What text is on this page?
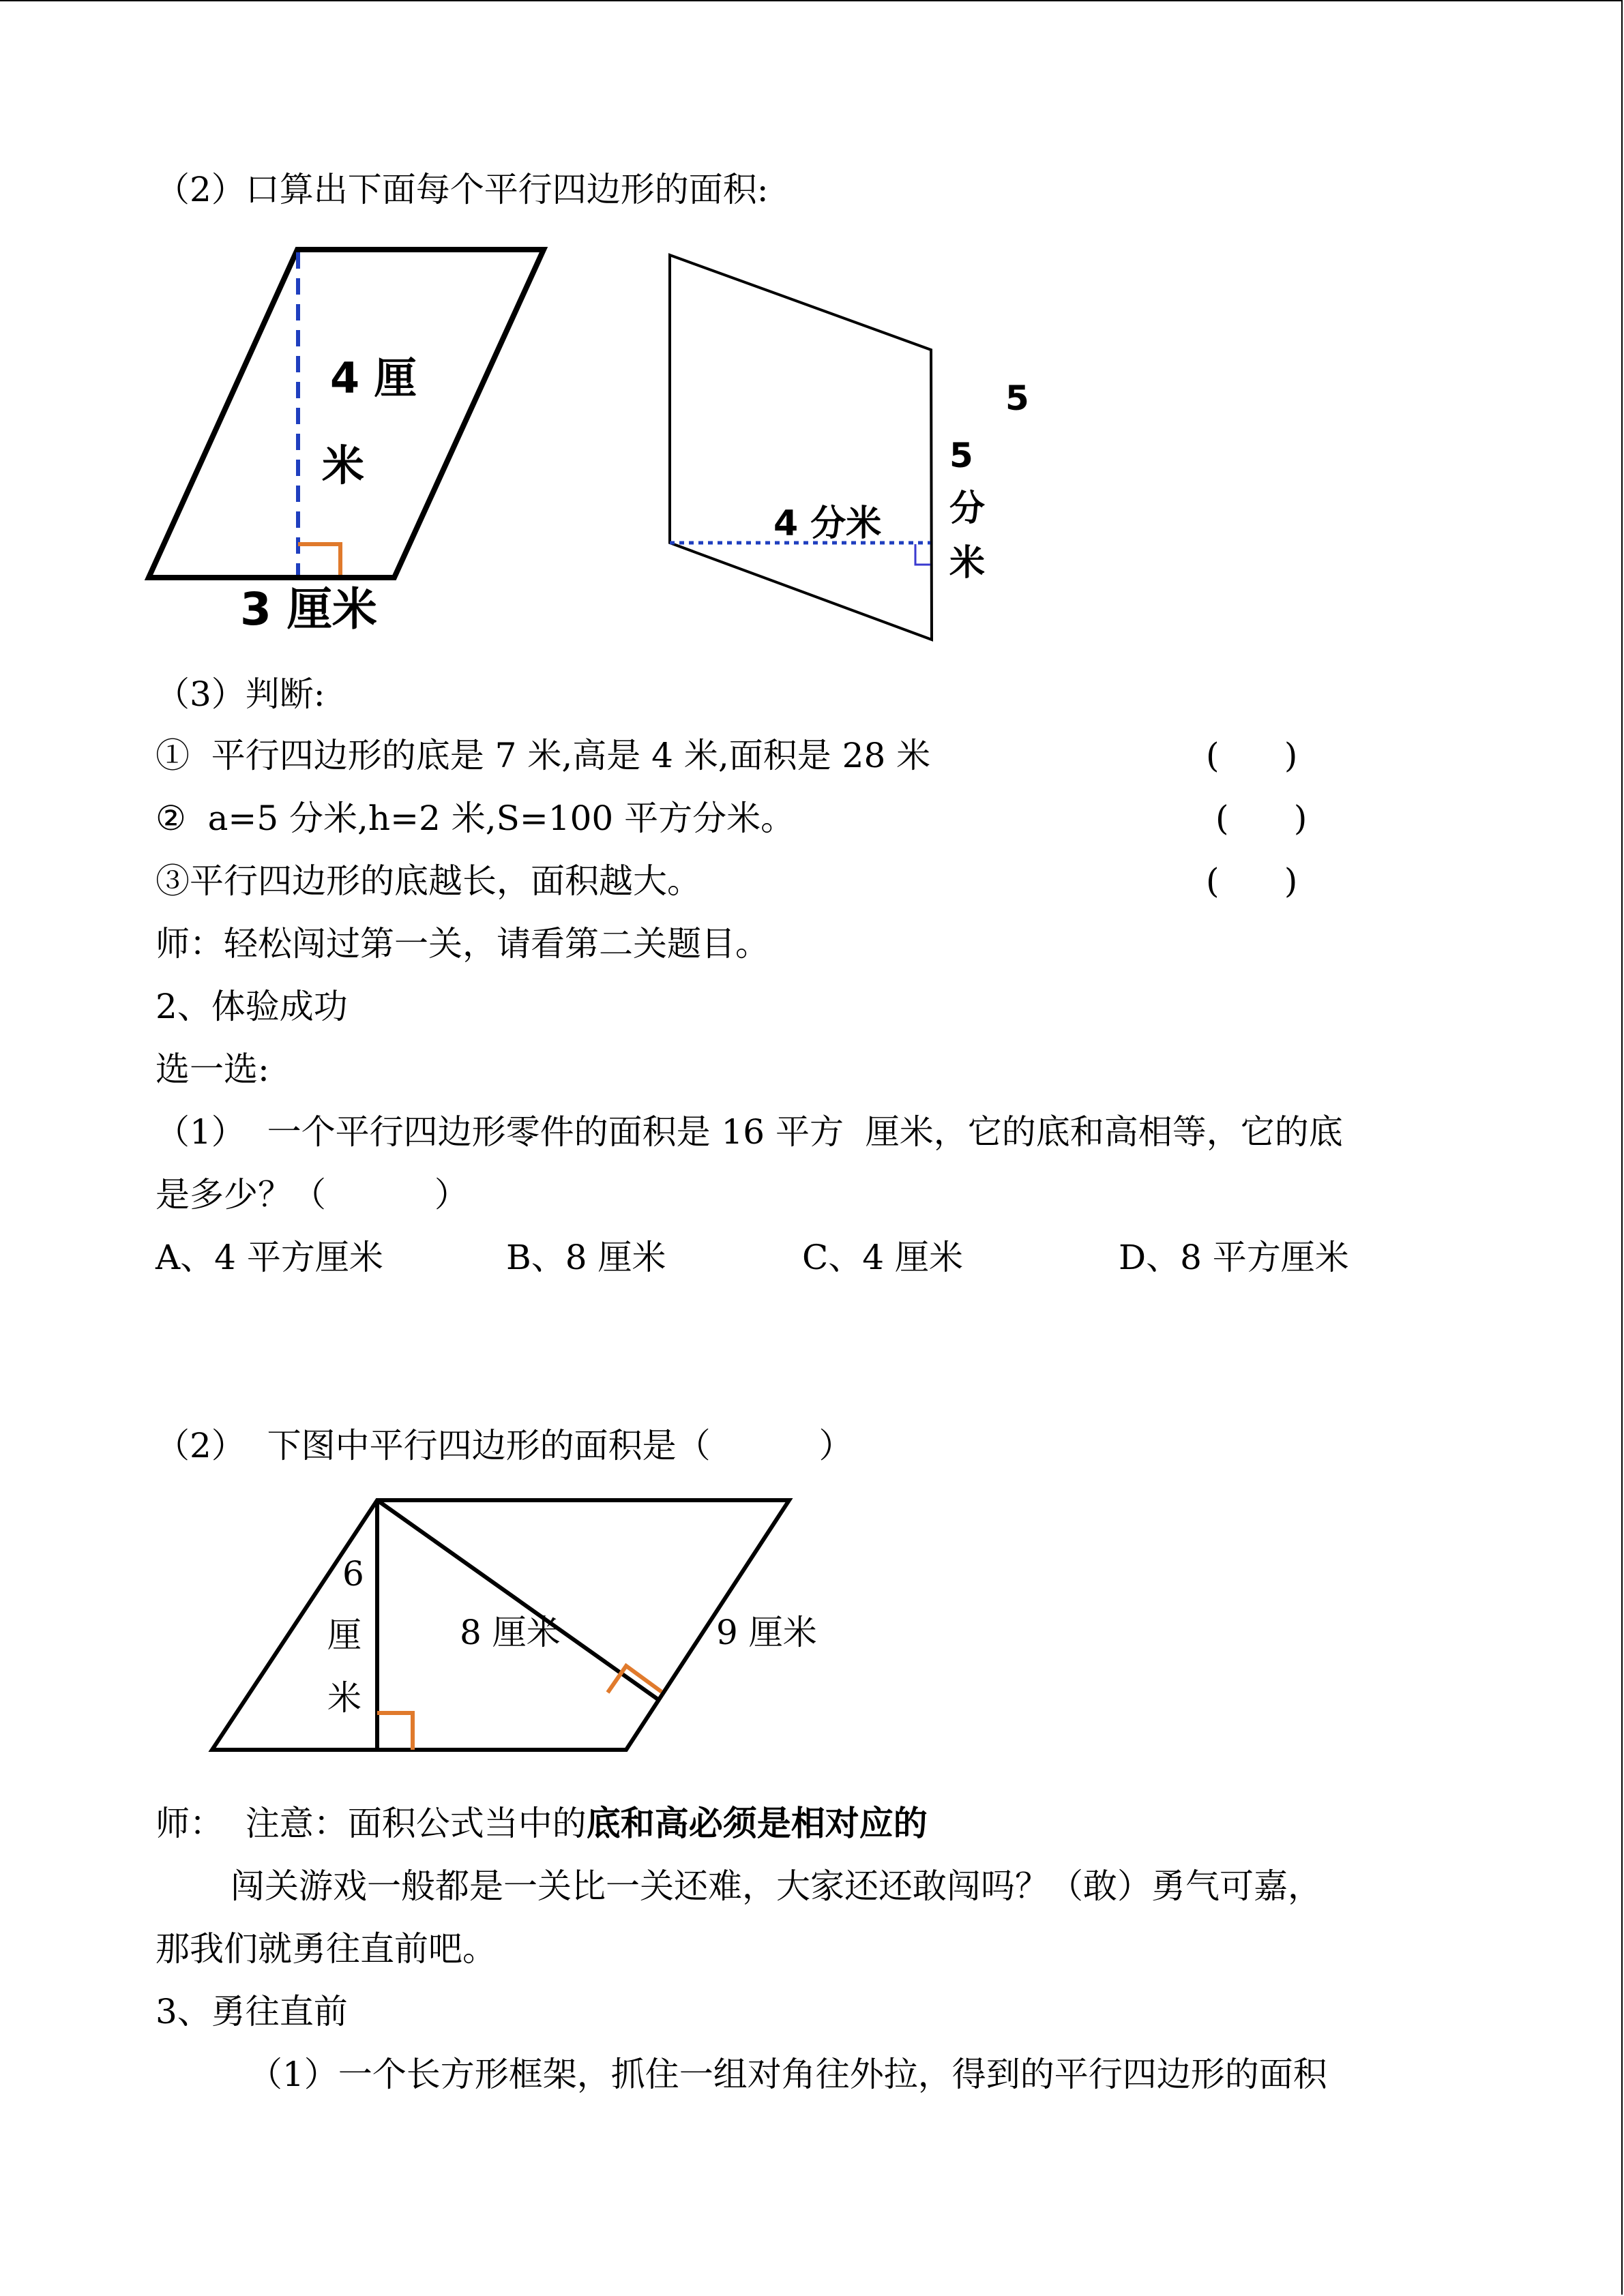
（2）口算出下面每个平行四边形的面积:
4 厘
米
3 厘米
5
5
分
米
4 分米
（3）判断:
①  平行四边形的底是 7 米,高是 4 米,面积是 28 米	(      )
②  a=5 分米,h=2 米,S=100 平方分米。	(      )
③平行四边形的底越长，面积越大。	(      )
师：轻松闯过第一关，请看第二关题目。
2、体验成功
选一选:
（1）  一个平行四边形零件的面积是 16 平方  厘米，它的底和高相等，它的底
是多少？（          ）
A、4 平方厘米	B、8 厘米	C、4 厘米	D、8 平方厘米
（2）  下图中平行四边形的面积是（          ）
6
厘
米
8 厘米	9 厘米
师：  注意：面积公式当中的底和高必须是相对应的
闯关游戏一般都是一关比一关还难，大家还还敢闯吗？（敢）勇气可嘉，
那我们就勇往直前吧。
3、勇往直前
（1）一个长方形框架，抓住一组对角往外拉，得到的平行四边形的面积
